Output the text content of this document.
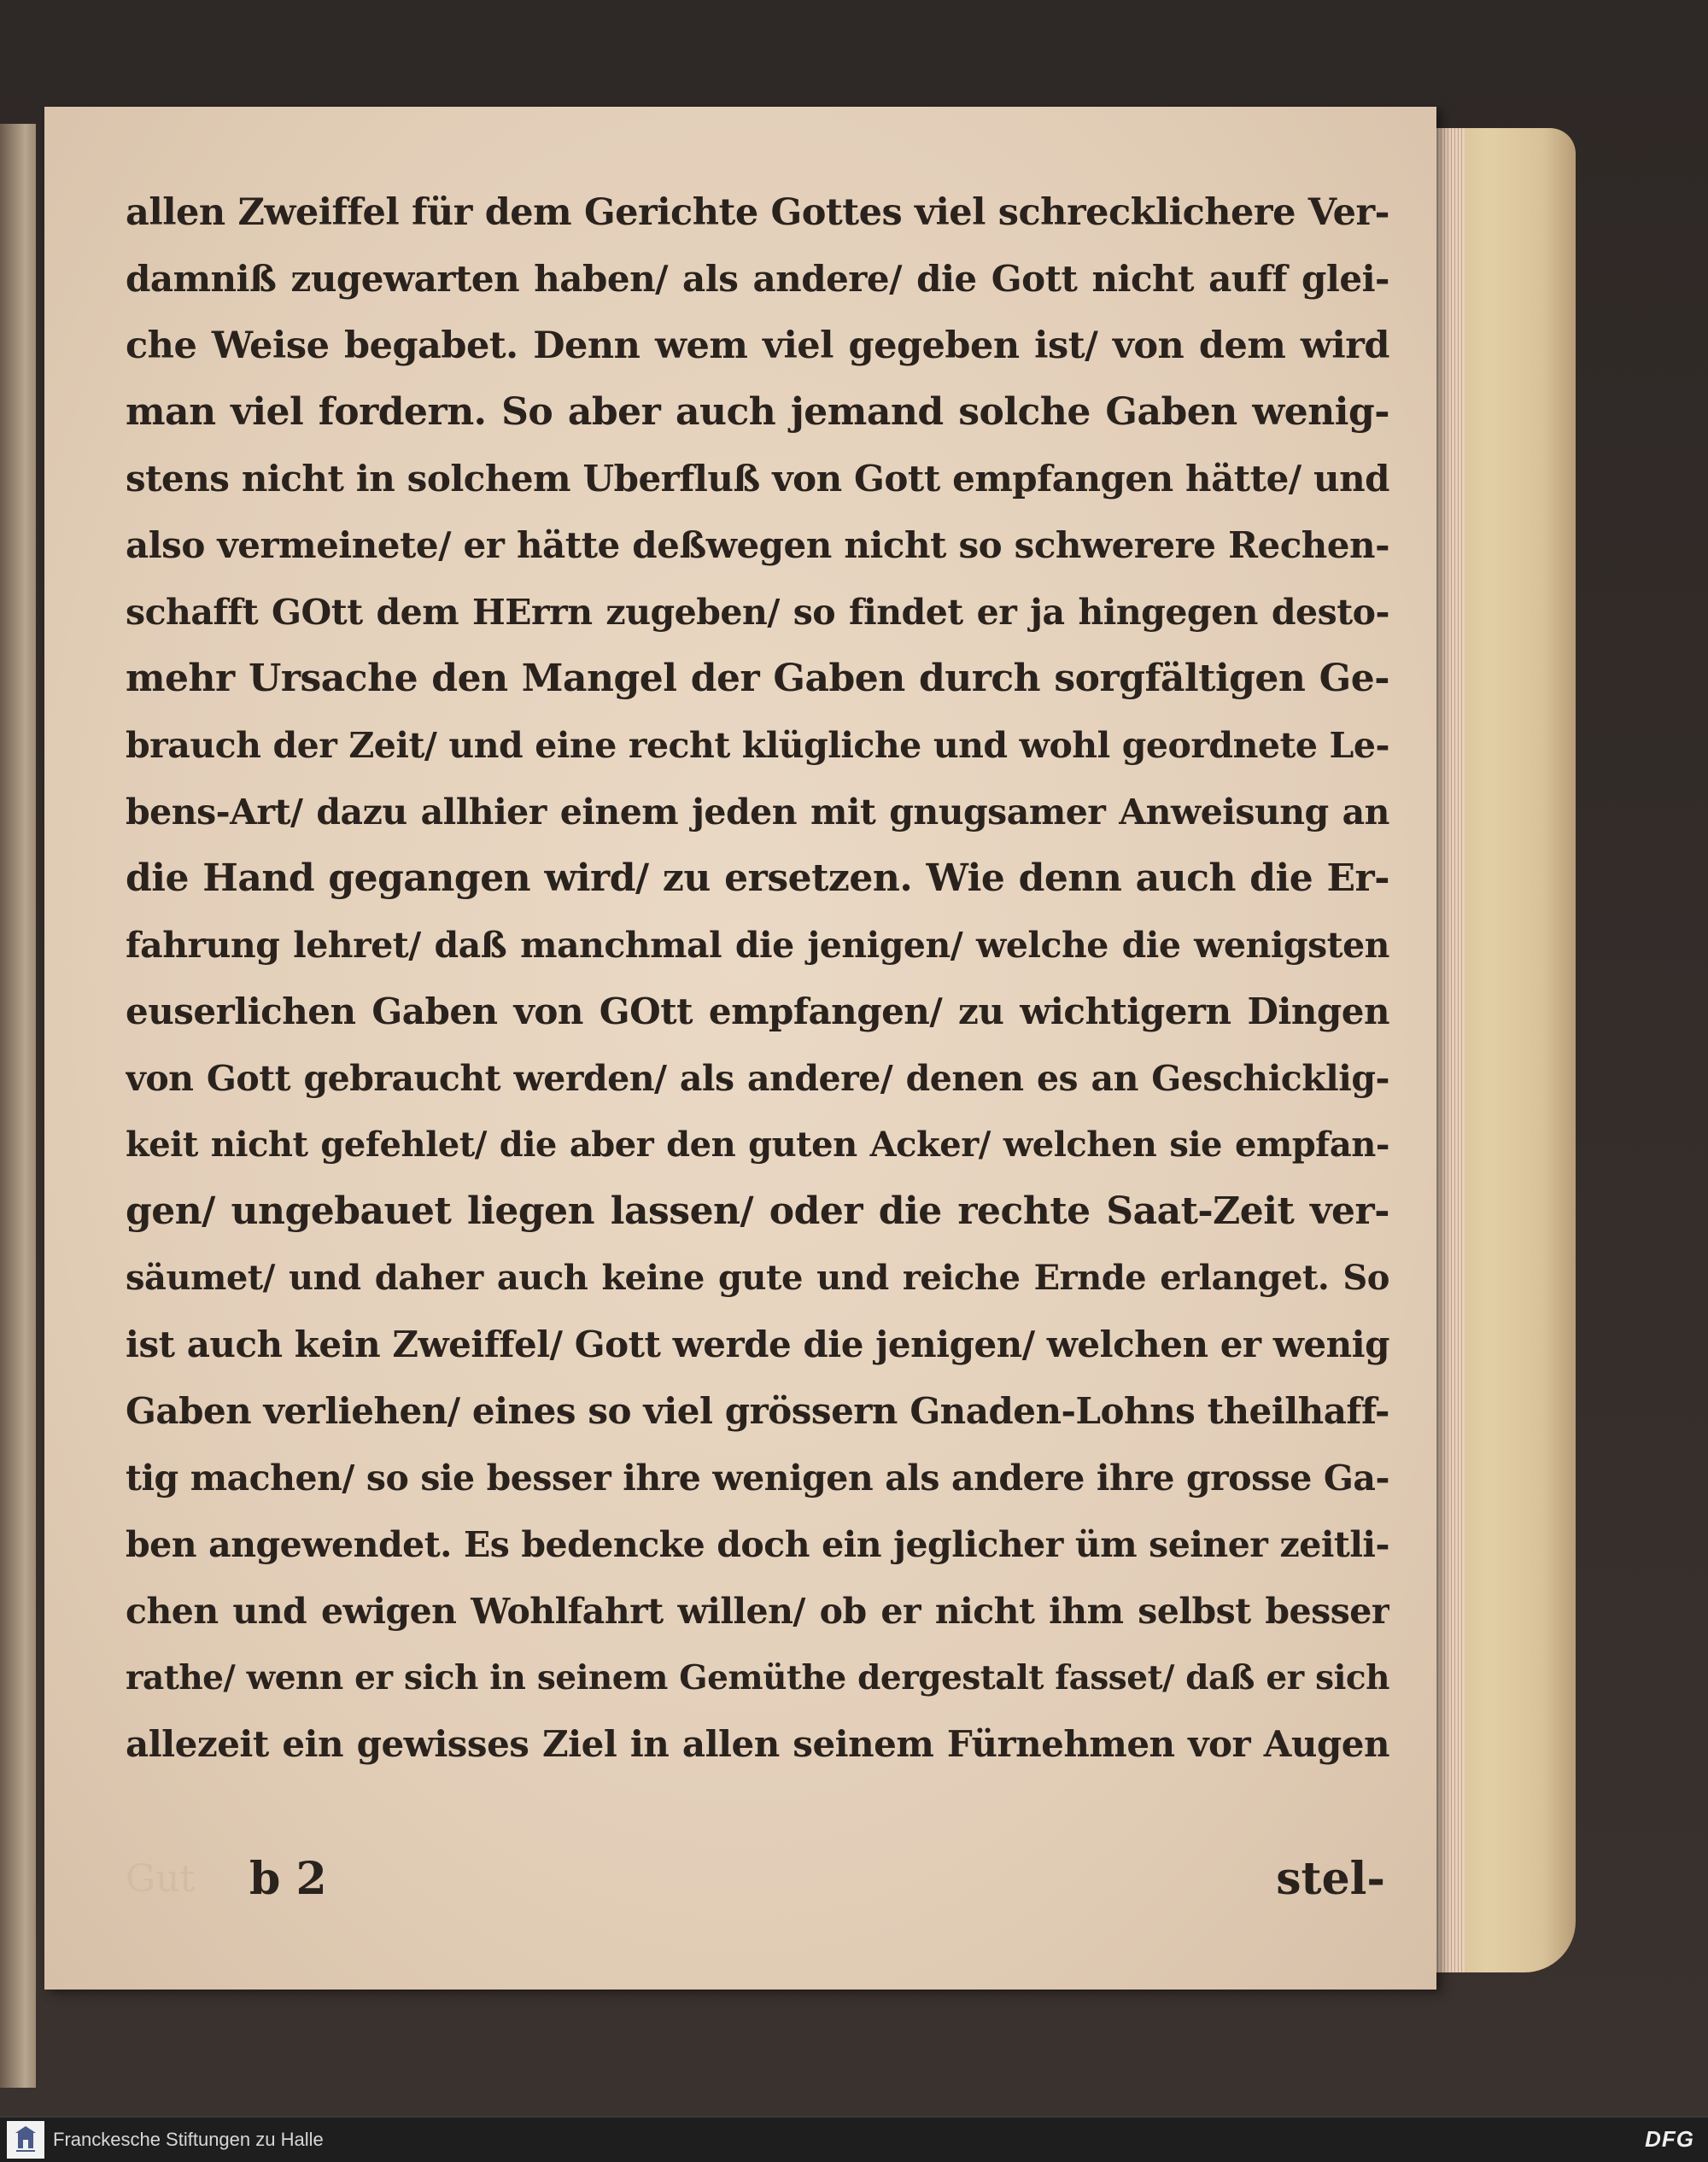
allen Zweiffel für dem Gerichte Gottes viel schrecklichere Ver-
damniß zugewarten haben/ als andere/ die Gott nicht auff glei-
che Weise begabet. Denn wem viel gegeben ist/ von dem wird
man viel fordern. So aber auch jemand solche Gaben wenig-
stens nicht in solchem Uberfluß von Gott empfangen hätte/ und
also vermeinete/ er hätte deßwegen nicht so schwerere Rechen-
schafft GOtt dem HErrn zugeben/ so findet er ja hingegen desto-
mehr Ursache den Mangel der Gaben durch sorgfältigen Ge-
brauch der Zeit/ und eine recht klügliche und wohl geordnete Le-
bens-Art/ dazu allhier einem jeden mit gnugsamer Anweisung an
die Hand gegangen wird/ zu ersetzen. Wie denn auch die Er-
fahrung lehret/ daß manchmal die jenigen/ welche die wenigsten
euserlichen Gaben von GOtt empfangen/ zu wichtigern Dingen
von Gott gebraucht werden/ als andere/ denen es an Geschicklig-
keit nicht gefehlet/ die aber den guten Acker/ welchen sie empfan-
gen/ ungebauet liegen lassen/ oder die rechte Saat-Zeit ver-
säumet/ und daher auch keine gute und reiche Ernde erlanget. So
ist auch kein Zweiffel/ Gott werde die jenigen/ welchen er wenig
Gaben verliehen/ eines so viel grössern Gnaden-Lohns theilhaff-
tig machen/ so sie besser ihre wenigen als andere ihre grosse Ga-
ben angewendet. Es bedencke doch ein jeglicher üm seiner zeitli-
chen und ewigen Wohlfahrt willen/ ob er nicht ihm selbst besser
rathe/ wenn er sich in seinem Gemüthe dergestalt fasset/ daß er sich
allezeit ein gewisses Ziel in allen seinem Fürnehmen vor Augen
Gut b 2	stel-
Franckesche Stiftungen zu Halle	DFG
